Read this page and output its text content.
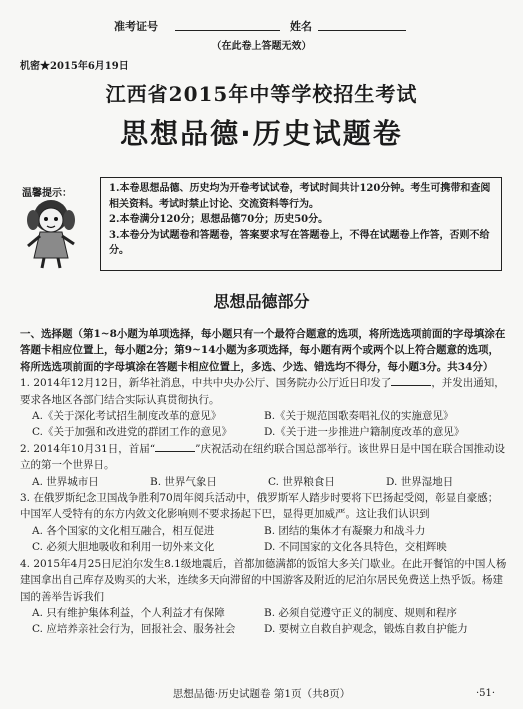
准考证号	姓名
（在此卷上答题无效）
机密★2015年6月19日
江西省2015年中等学校招生考试
思想品德·历史试题卷
温馨提示：	1.本卷思想品德、历史均为开卷考试试卷，考试时间共计120分钟。考生可携带和查阅相关资料。考试时禁止讨论、交流资料等行为。

2.本卷满分120分；思想品德70分；历史50分。

3.本卷分为试题卷和答题卷，答案要求写在答题卷上，不得在试题卷上作答，否则不给分。

思想品德部分

一、选择题（第1~8小题为单项选择，每小题只有一个最符合题意的选项，将所选选项前面的字母填涂在答题卡相应位置上，每小题2分；第9~14小题为多项选择，每小题有两个或两个以上符合题意的选项，将所选选项前面的字母填涂在答题卡相应位置上，多选、少选、错选均不得分，每小题3分。共34分）

1. 2014年12月12日，新华社消息，中共中央办公厅、国务院办公厅近日印发了	，并发出通知，要求各地区各部门结合实际认真贯彻执行。

A.《关于深化考试招生制度改革的意见》	B.《关于规范国歌奏唱礼仪的实施意见》
C.《关于加强和改进党的群团工作的意见》	D.《关于进一步推进户籍制度改革的意见》

2. 2014年10月31日，首届“	”庆祝活动在纽约联合国总部举行。该世界日是中国在联合国推动设立的第一个世界日。

A. 世界城市日	B. 世界气象日	C. 世界粮食日	D. 世界湿地日

3. 在俄罗斯纪念卫国战争胜利70周年阅兵活动中，俄罗斯军人踏步时要将下巴扬起受阅，彰显自豪感；中国军人受特有的东方内敛文化影响则不要求扬起下巴，显得更加威严。这让我们认识到

A. 各个国家的文化相互融合，相互促进	B. 团结的集体才有凝聚力和战斗力
C. 必须大胆地吸收和利用一切外来文化	D. 不同国家的文化各具特色，交相辉映

4. 2015年4月25日尼泊尔发生8.1级地震后，首都加德满都的饭馆大多关门歇业。在此开餐馆的中国人杨建国拿出自己库存及购买的大米，连续多天向滞留的中国游客及附近的尼泊尔居民免费送上热乎饭。杨建国的善举告诉我们

A. 只有维护集体利益，个人利益才有保障	B. 必须自觉遵守正义的制度、规则和程序
C. 应培养亲社会行为，回报社会、服务社会	D. 要树立自救自护观念，锻炼自救自护能力
思想品德·历史试题卷 第1页（共8页）	·51·
